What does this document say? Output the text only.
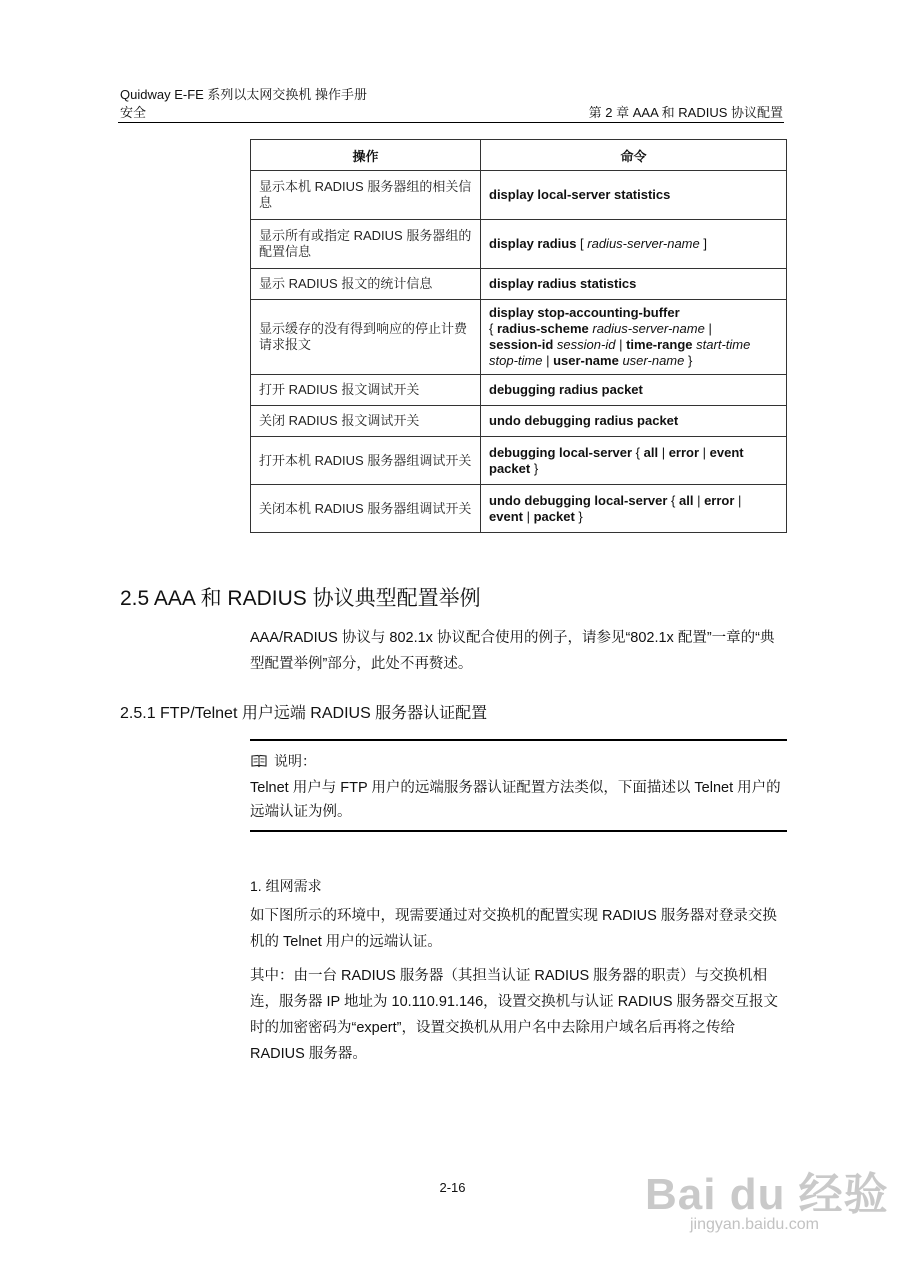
Quidway E-FE 系列以太网交换机 操作手册
安全	第 2 章 AAA 和 RADIUS 协议配置
操作	命令
显示本机 RADIUS 服务器组的相关信息	display local-server statistics
显示所有或指定 RADIUS 服务器组的配置信息	display radius [ radius-server-name ]
显示 RADIUS 报文的统计信息	display radius statistics
显示缓存的没有得到响应的停止计费请求报文	display stop-accounting-buffer
{ radius-scheme radius-server-name |
session-id session-id | time-range start-time
stop-time | user-name user-name }
打开 RADIUS 报文调试开关	debugging radius packet
关闭 RADIUS 报文调试开关	undo debugging radius packet
打开本机 RADIUS 服务器组调试开关	debugging local-server { all | error | event
packet }
关闭本机 RADIUS 服务器组调试开关	undo debugging local-server { all | error |
event | packet }
2.5 AAA 和 RADIUS 协议典型配置举例
AAA/RADIUS 协议与 802.1x 协议配合使用的例子，请参见“802.1x 配置”一章的“典型配置举例”部分，此处不再赘述。
2.5.1 FTP/Telnet 用户远端 RADIUS 服务器认证配置
说明：
Telnet 用户与 FTP 用户的远端服务器认证配置方法类似，下面描述以 Telnet 用户的远端认证为例。
1. 组网需求
如下图所示的环境中，现需要通过对交换机的配置实现 RADIUS 服务器对登录交换机的 Telnet 用户的远端认证。
其中：由一台 RADIUS 服务器（其担当认证 RADIUS 服务器的职责）与交换机相连，服务器 IP 地址为 10.110.91.146，设置交换机与认证 RADIUS 服务器交互报文时的加密密码为“expert”，设置交换机从用户名中去除用户域名后再将之传给 RADIUS 服务器。
2-16	Bai du 经验
jingyan.baidu.com
